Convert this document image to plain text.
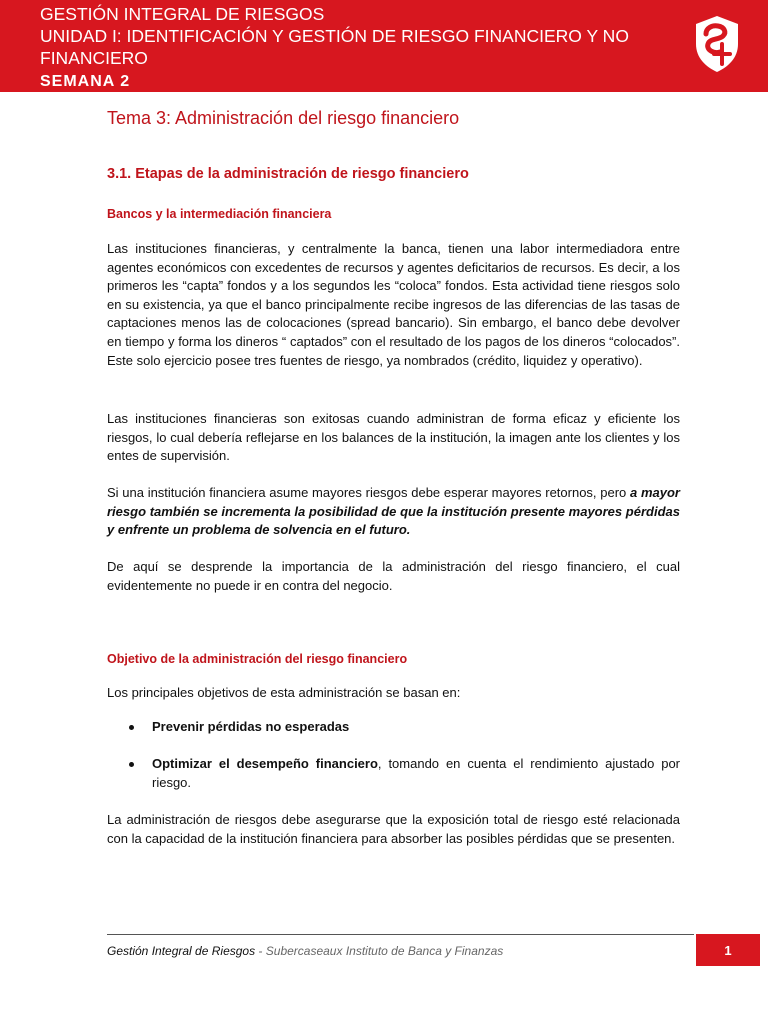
GESTIÓN INTEGRAL DE RIESGOS
UNIDAD I: IDENTIFICACIÓN Y GESTIÓN DE RIESGO FINANCIERO Y NO
FINANCIERO
SEMANA 2
Tema 3: Administración del riesgo financiero
3.1. Etapas de la administración de riesgo financiero
Bancos y la intermediación financiera

Las instituciones financieras, y centralmente la banca, tienen una labor intermediadora entre agentes económicos con excedentes de recursos y agentes deficitarios de recursos. Es decir, a los primeros les “capta” fondos y a los segundos les “coloca” fondos. Esta actividad tiene riesgos solo en su existencia, ya que el banco principalmente recibe ingresos de las diferencias de las tasas de captaciones menos las de colocaciones (spread bancario). Sin embargo, el banco debe devolver en tiempo y forma los dineros “ captados” con el resultado de los pagos de los dineros “colocados”. Este solo ejercicio posee tres fuentes de riesgo, ya nombrados (crédito, liquidez y operativo).

Las instituciones financieras son exitosas cuando administran de forma eficaz y eficiente los riesgos, lo cual debería reflejarse en los balances de la institución, la imagen ante los clientes y los entes de supervisión.

Si una institución financiera asume mayores riesgos debe esperar mayores retornos, pero a mayor riesgo también se incrementa la posibilidad de que la institución presente mayores pérdidas y enfrente un problema de solvencia en el futuro.

De aquí se desprende la importancia de la administración del riesgo financiero, el cual evidentemente no puede ir en contra del negocio.

Objetivo de la administración del riesgo financiero

Los principales objetivos de esta administración se basan en:

Prevenir pérdidas no esperadas
Optimizar el desempeño financiero, tomando en cuenta el rendimiento ajustado por riesgo.

La administración de riesgos debe asegurarse que la exposición total de riesgo esté relacionada con la capacidad de la institución financiera para absorber las posibles pérdidas que se presenten.

Gestión Integral de Riesgos - Subercaseaux Instituto de Banca y Finanzas	1
